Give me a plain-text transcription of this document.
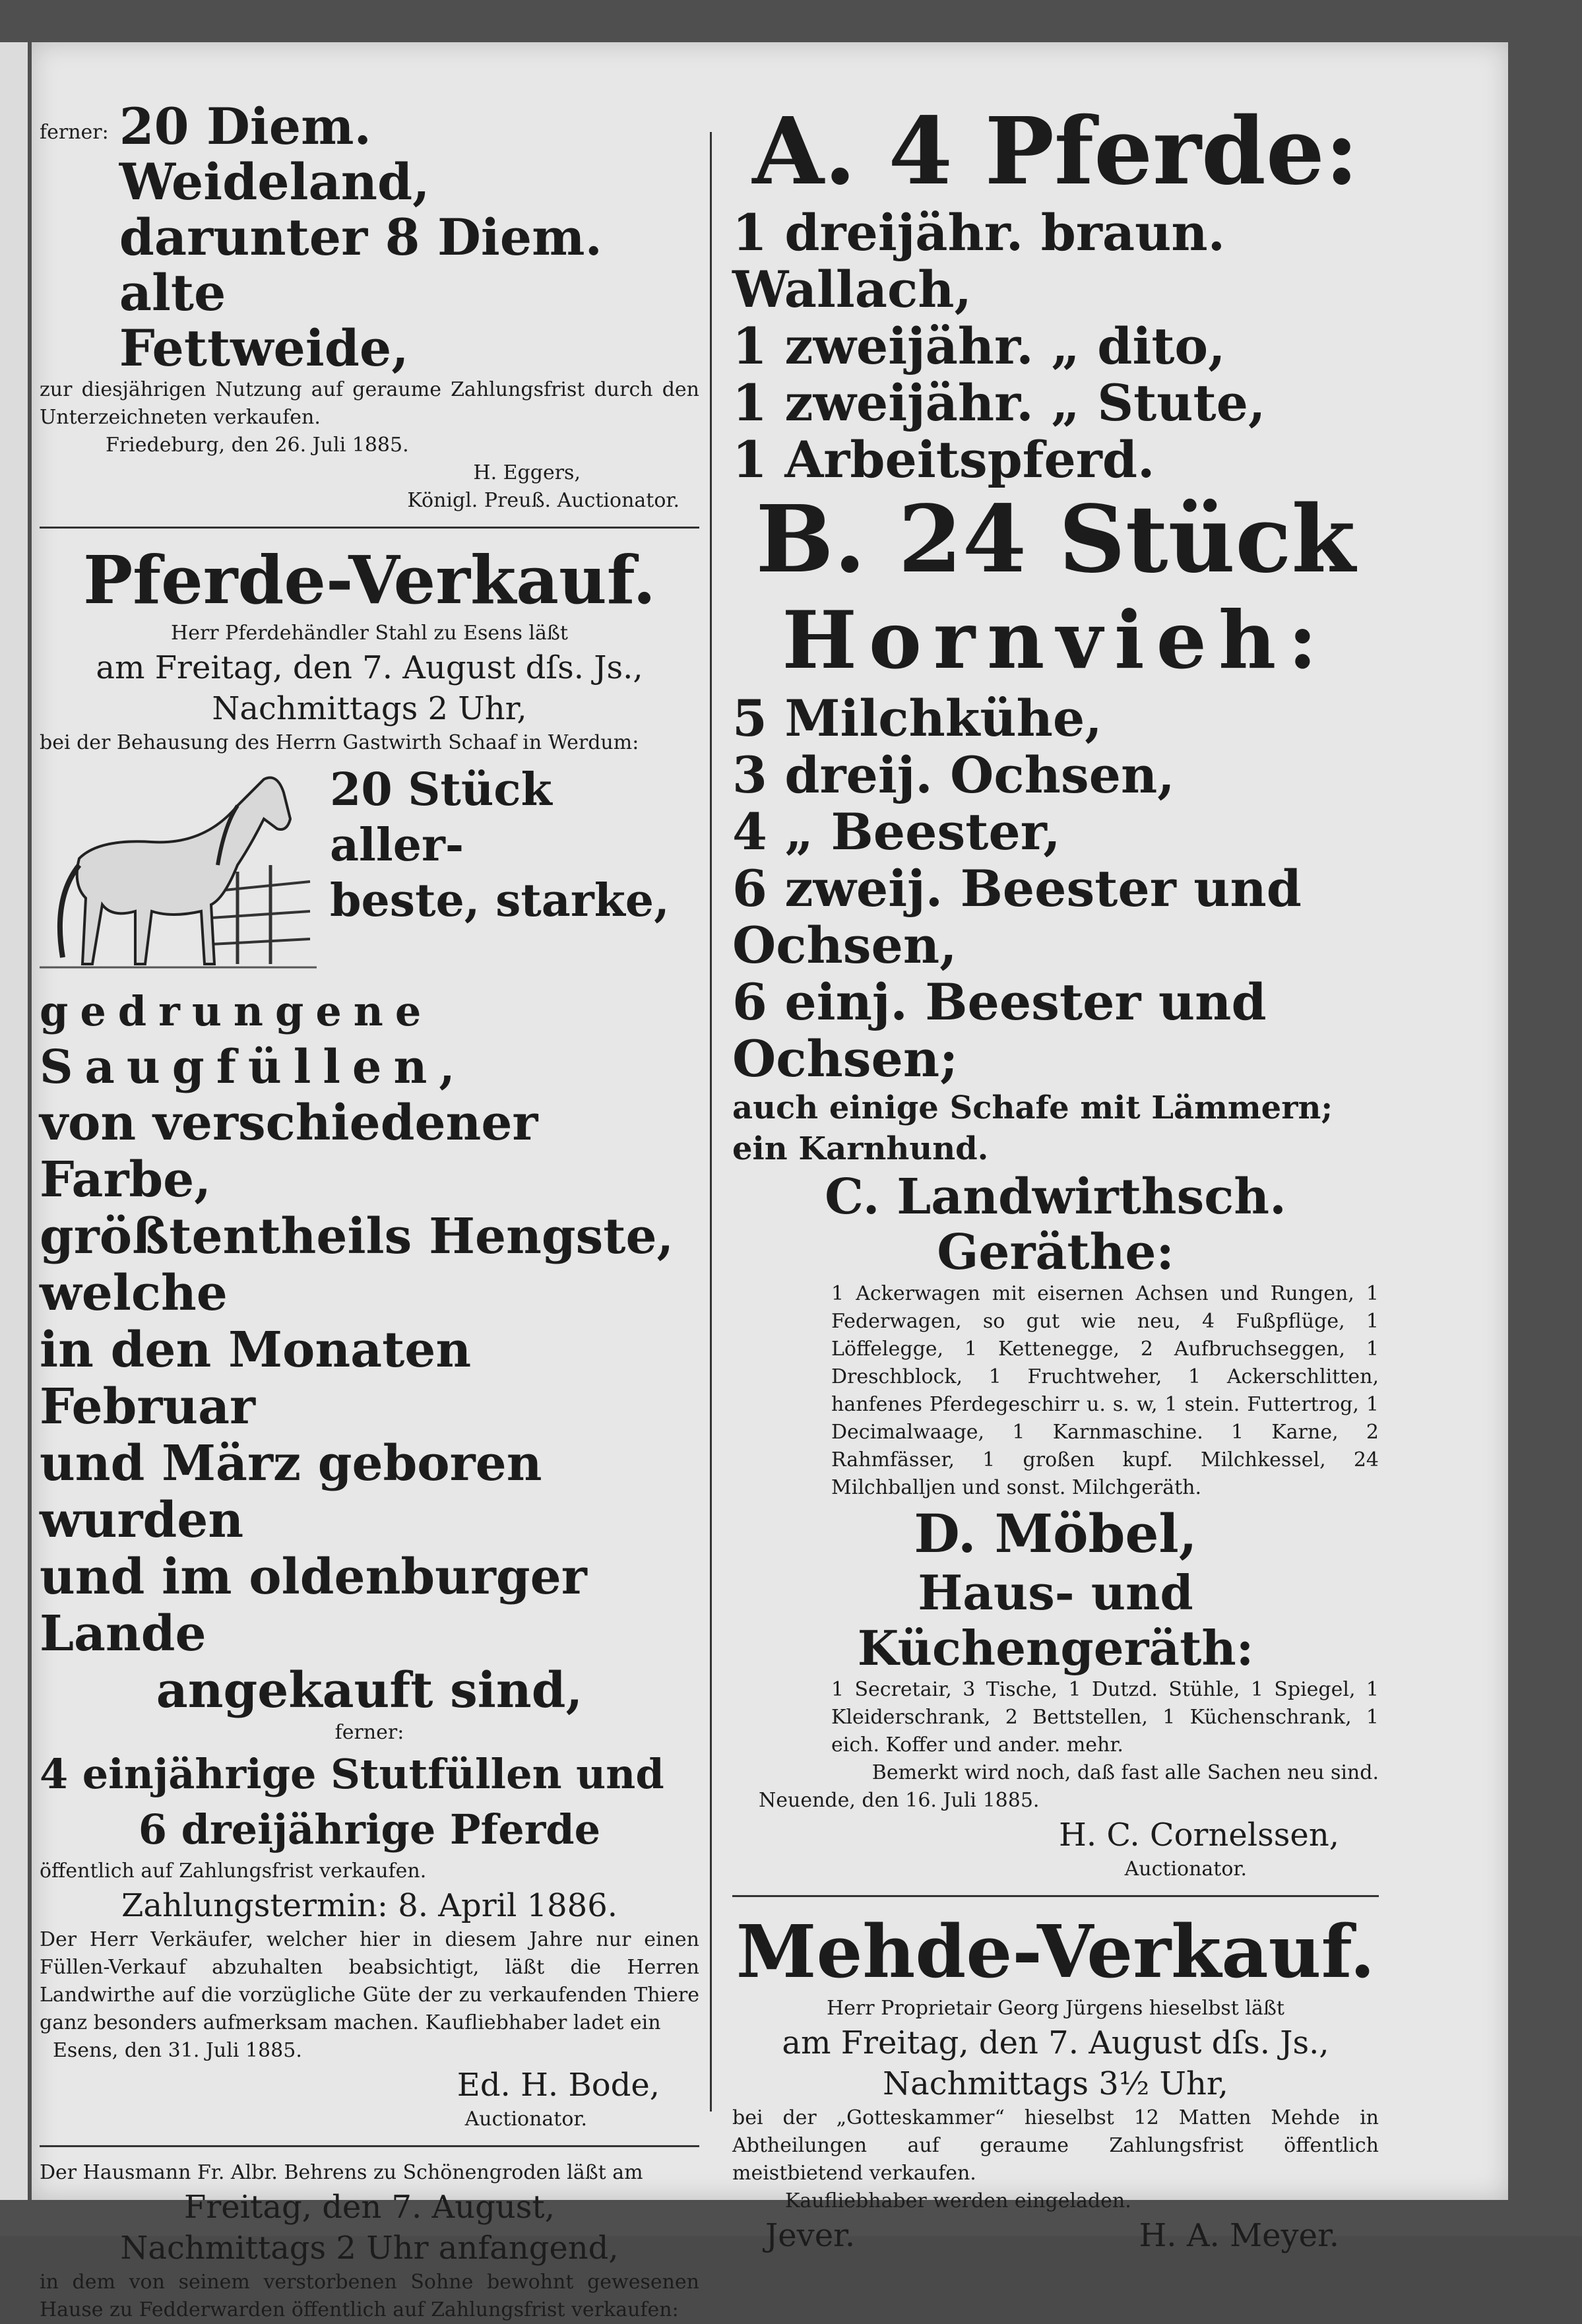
ferner: 20 Diem. Weideland,

darunter 8 Diem. alte

Fettweide,

zur diesjährigen Nutzung auf geraume Zahlungsfrist durch den Unterzeichneten verkaufen.

Friedeburg, den 26. Juli 1885.

H. Eggers,

Königl. Preuß. Auctionator.

Pferde-Verkauf.

Herr Pferdehändler Stahl zu Esens läßt

am Freitag, den 7. August dſs. Js.,

Nachmittags 2 Uhr,

bei der Behausung des Herrn Gastwirth Schaaf in Werdum:

20 Stück aller-

beste, starke,

gedrungene

Saugfüllen,

von verschiedener Farbe,

größtentheils Hengste, welche

in den Monaten Februar

und März geboren wurden

und im oldenburger Lande

angekauft sind,

ferner:

4 einjährige Stutfüllen und

6 dreijährige Pferde

öffentlich auf Zahlungsfrist verkaufen.

Zahlungstermin: 8. April 1886.

Der Herr Verkäufer, welcher hier in diesem Jahre nur einen Füllen-Verkauf abzuhalten beabsichtigt, läßt die Herren Landwirthe auf die vorzügliche Güte der zu verkaufenden Thiere ganz besonders aufmerksam machen. Kaufliebhaber ladet ein

Esens, den 31. Juli 1885.

Ed. H. Bode,

Auctionator.

Der Hausmann Fr. Albr. Behrens zu Schönengroden läßt am

Freitag, den 7. August,

Nachmittags 2 Uhr anfangend,

in dem von seinem verstorbenen Sohne bewohnt gewesenen Hause zu Fedderwarden öffentlich auf Zahlungsfrist verkaufen:

A. 4 Pferde:

1 dreijähr. braun. Wallach,

1 zweijähr. „ dito,

1 zweijähr. „ Stute,

1 Arbeitspferd.

B. 24 Stück

Hornvieh:

5 Milchkühe,

3 dreij. Ochsen,

4 „ Beester,

6 zweij. Beester und Ochsen,

6 einj. Beester und Ochsen;

auch einige Schafe mit Lämmern; ein Karnhund.

C. Landwirthsch. Geräthe:

1 Ackerwagen mit eisernen Achsen und Rungen, 1 Federwagen, so gut wie neu, 4 Fußpflüge, 1 Löffelegge, 1 Kettenegge, 2 Aufbruchseggen, 1 Dreschblock, 1 Fruchtweher, 1 Ackerschlitten, hanfenes Pferdegeschirr u. s. w, 1 stein. Futtertrog, 1 Decimalwaage, 1 Karnmaschine. 1 Karne, 2 Rahmfässer, 1 großen kupf. Milchkessel, 24 Milchballjen und sonst. Milchgeräth.

D. Möbel,

Haus- und Küchengeräth:

1 Secretair, 3 Tische, 1 Dutzd. Stühle, 1 Spiegel, 1 Kleiderschrank, 2 Bettstellen, 1 Küchenschrank, 1 eich. Koffer und ander. mehr.

Bemerkt wird noch, daß fast alle Sachen neu sind.

Neuende, den 16. Juli 1885.

H. C. Cornelssen,

Auctionator.

Mehde-Verkauf.

Herr Proprietair Georg Jürgens hieselbst läßt

am Freitag, den 7. August dſs. Js.,

Nachmittags 3½ Uhr,

bei der „Gotteskammer“ hieselbst 12 Matten Mehde in Abtheilungen auf geraume Zahlungsfrist öffentlich meistbietend verkaufen.

Kaufliebhaber werden eingeladen.

Jever.	H. A. Meyer.
